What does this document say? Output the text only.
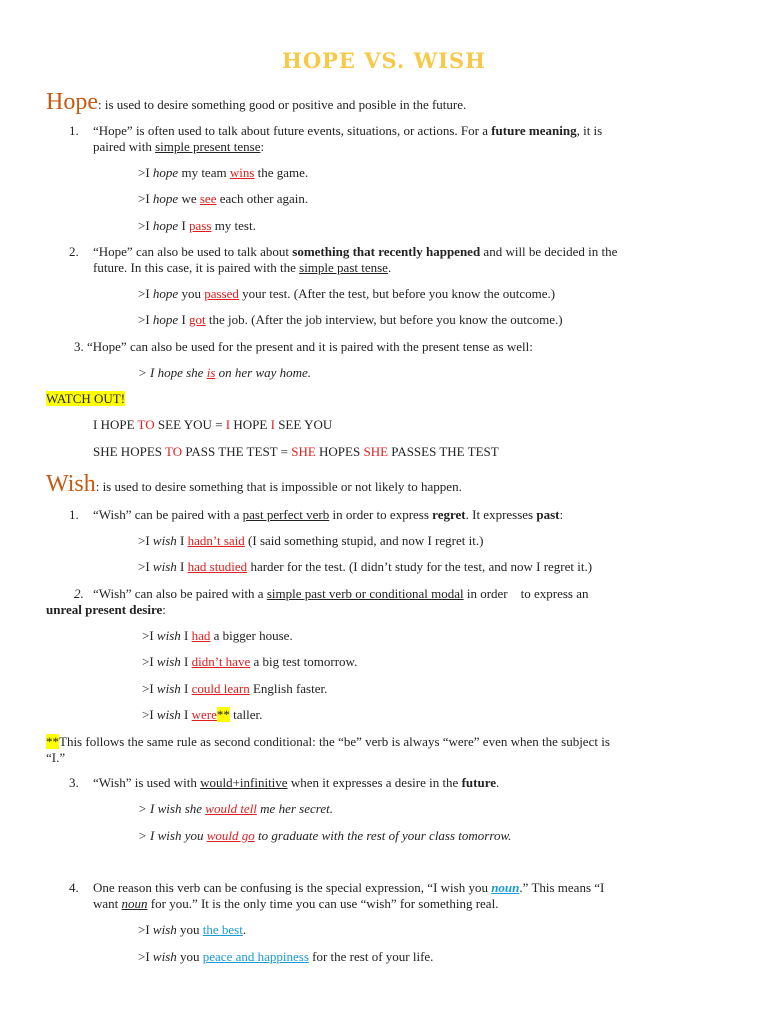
HOPE VS. WISH
Hope: is used to desire something good or positive and posible in the future.
1. “Hope” is often used to talk about future events, situations, or actions. For a future meaning, it is
paired with simple present tense:
>I hope my team wins the game.
>I hope we see each other again.
>I hope I pass my test.
2. “Hope” can also be used to talk about something that recently happened and will be decided in the
future. In this case, it is paired with the simple past tense.
>I hope you passed your test. (After the test, but before you know the outcome.)
>I hope I got the job. (After the job interview, but before you know the outcome.)
3. “Hope” can also be used for the present and it is paired with the present tense as well:
> I hope she is on her way home.
WATCH OUT!
I HOPE TO SEE YOU = I HOPE I SEE YOU
SHE HOPES TO PASS THE TEST = SHE HOPES SHE PASSES THE TEST
Wish: is used to desire something that is impossible or not likely to happen.
1. “Wish” can be paired with a past perfect verb in order to express regret. It expresses past:
>I wish I hadn’t said (I said something stupid, and now I regret it.)
>I wish I had studied harder for the test. (I didn’t study for the test, and now I regret it.)
2. “Wish” can also be paired with a simple past verb or conditional modal in order    to express an
unreal present desire:
>I wish I had a bigger house.
>I wish I didn’t have a big test tomorrow.
>I wish I could learn English faster.
>I wish I were** taller.
**This follows the same rule as second conditional: the “be” verb is always “were” even when the subject is
“I.”
3. “Wish” is used with would+infinitive when it expresses a desire in the future.
> I wish she would tell me her secret.
> I wish you would go to graduate with the rest of your class tomorrow.
4. One reason this verb can be confusing is the special expression, “I wish you noun.” This means “I
want noun for you.” It is the only time you can use “wish” for something real.
>I wish you the best.
>I wish you peace and happiness for the rest of your life.
